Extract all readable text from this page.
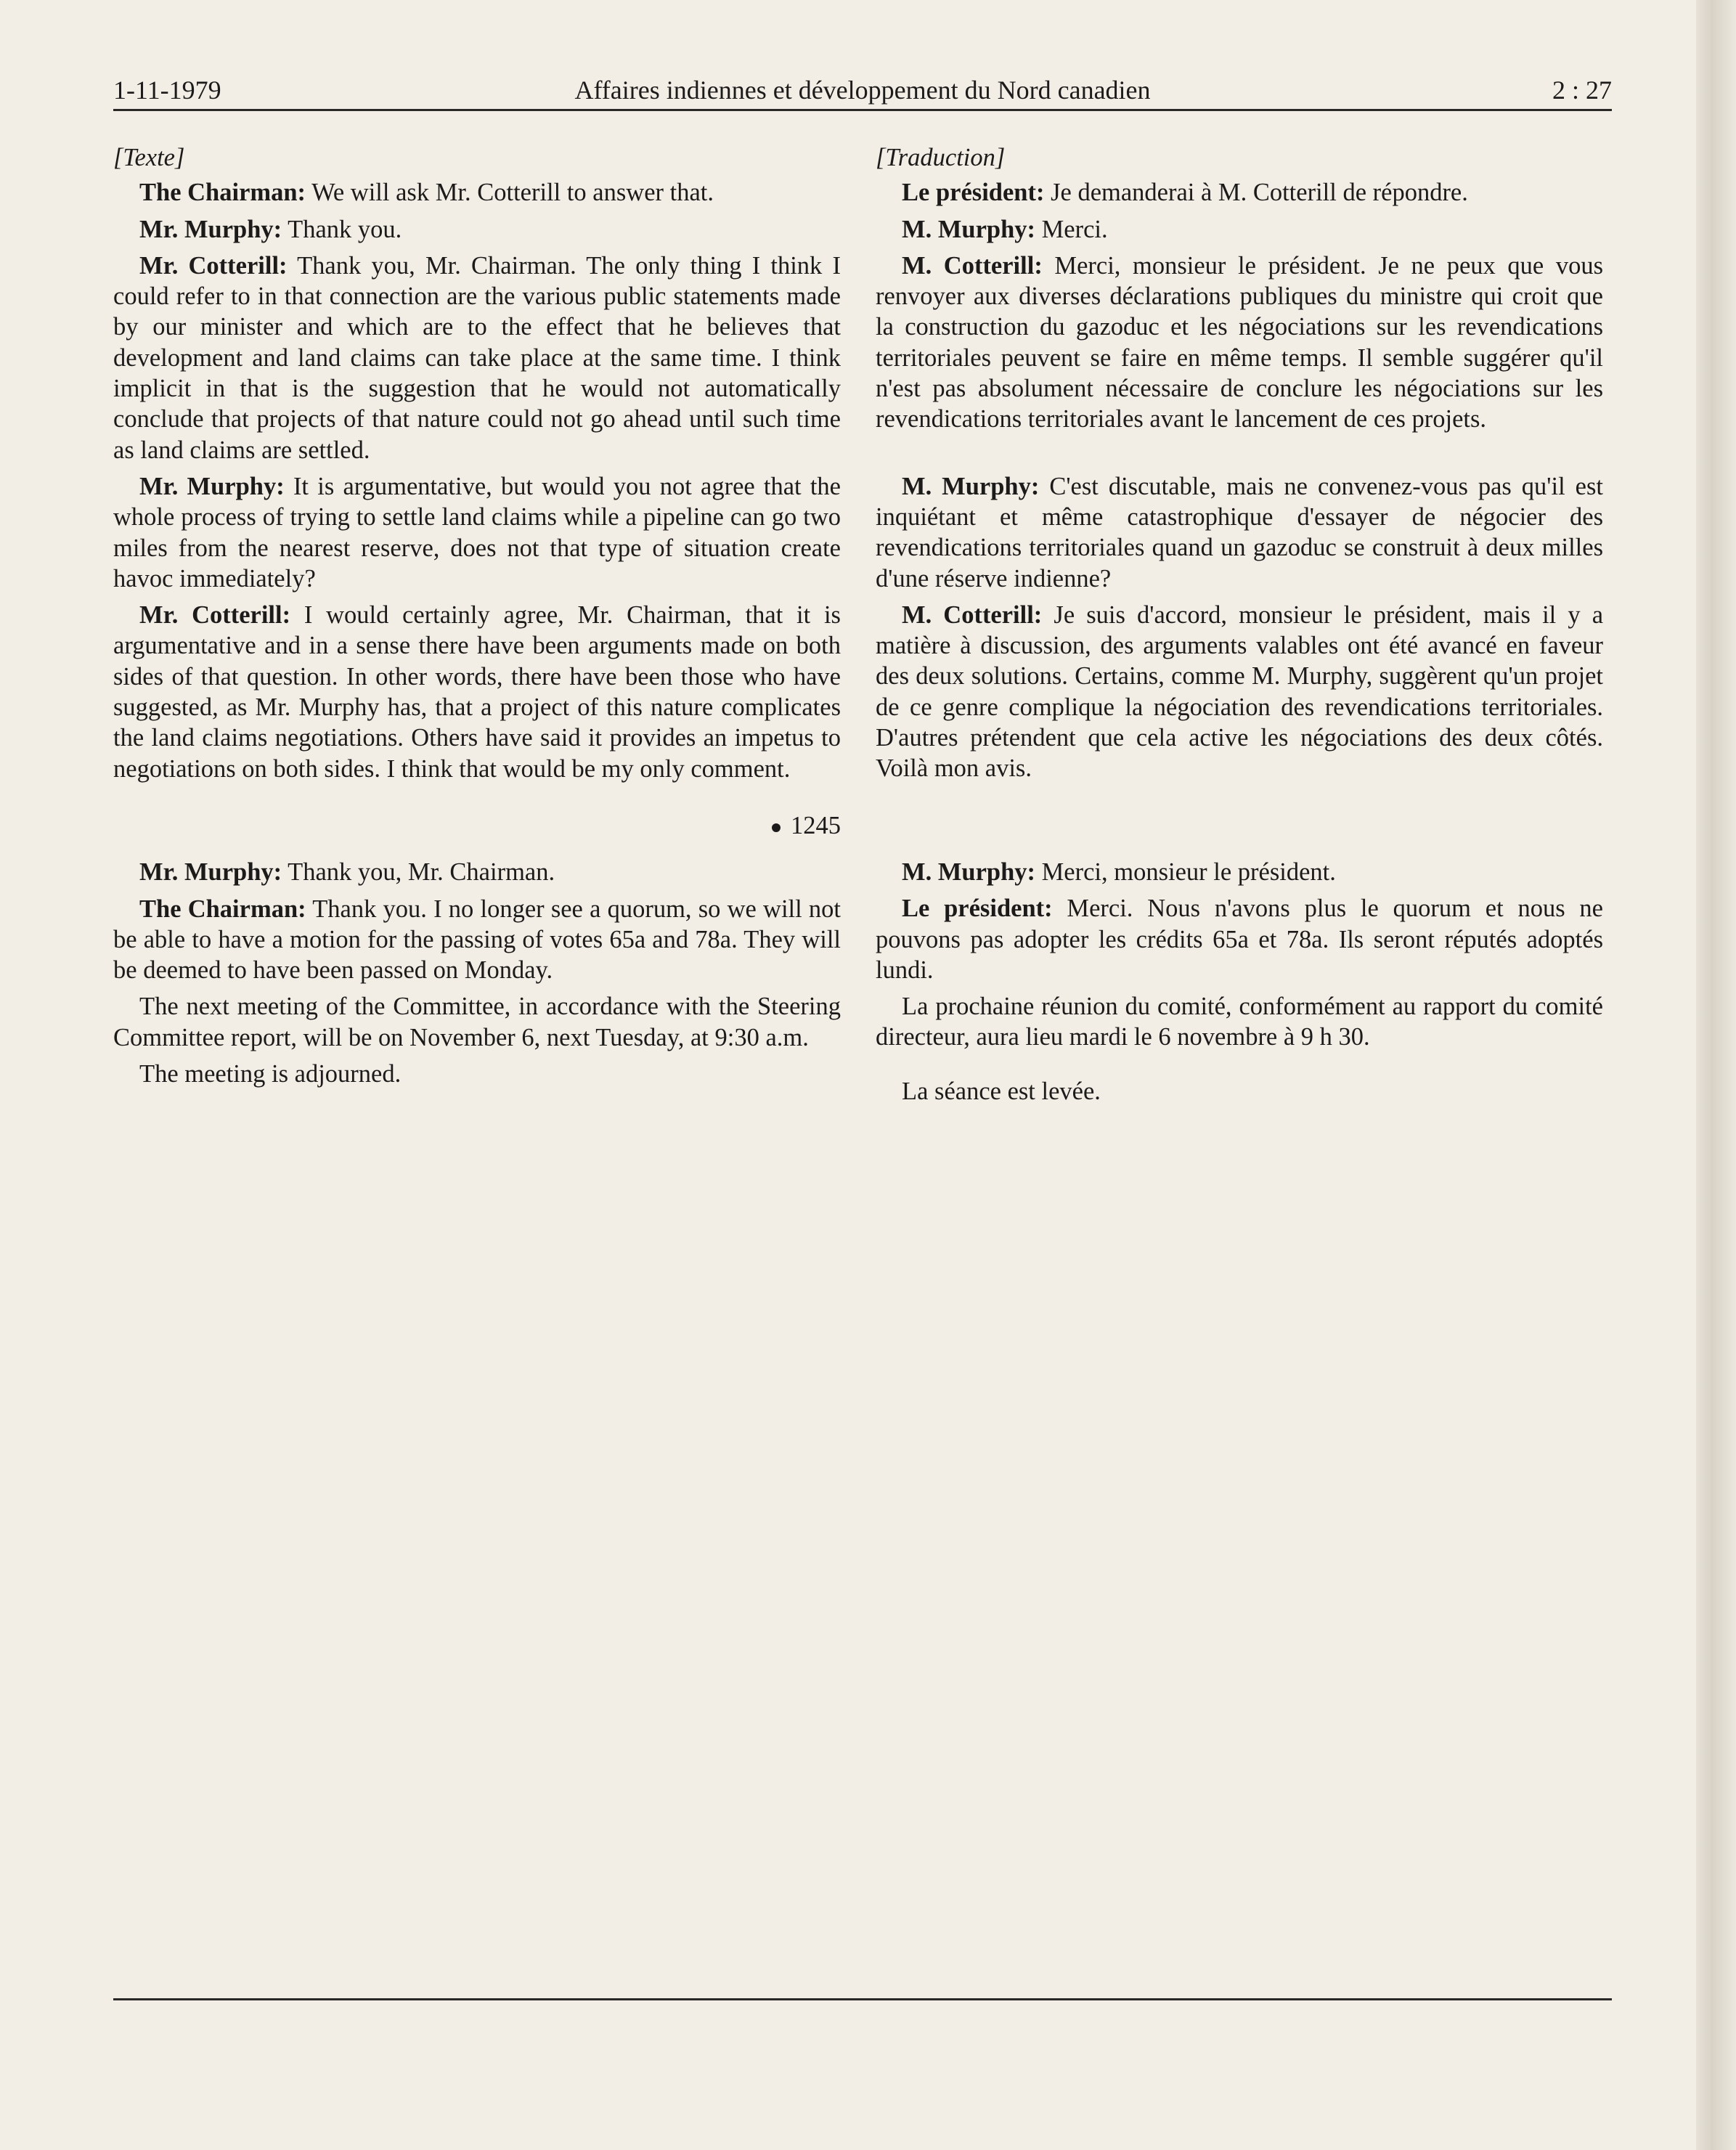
1-11-1979	Affaires indiennes et développement du Nord canadien	2 : 27

[Texte]

The Chairman: We will ask Mr. Cotterill to answer that.

Mr. Murphy: Thank you.

Mr. Cotterill: Thank you, Mr. Chairman. The only thing I think I could refer to in that connection are the various public statements made by our minister and which are to the effect that he believes that development and land claims can take place at the same time. I think implicit in that is the suggestion that he would not automatically conclude that projects of that nature could not go ahead until such time as land claims are settled.

Mr. Murphy: It is argumentative, but would you not agree that the whole process of trying to settle land claims while a pipeline can go two miles from the nearest reserve, does not that type of situation create havoc immediately?

Mr. Cotterill: I would certainly agree, Mr. Chairman, that it is argumentative and in a sense there have been arguments made on both sides of that question. In other words, there have been those who have suggested, as Mr. Murphy has, that a project of this nature complicates the land claims negotiations. Others have said it provides an impetus to negotiations on both sides. I think that would be my only comment.

1245

Mr. Murphy: Thank you, Mr. Chairman.

The Chairman: Thank you. I no longer see a quorum, so we will not be able to have a motion for the passing of votes 65a and 78a. They will be deemed to have been passed on Monday.

The next meeting of the Committee, in accordance with the Steering Committee report, will be on November 6, next Tuesday, at 9:30 a.m.

The meeting is adjourned.

[Traduction]

Le président: Je demanderai à M. Cotterill de répondre.

M. Murphy: Merci.

M. Cotterill: Merci, monsieur le président. Je ne peux que vous renvoyer aux diverses déclarations publiques du ministre qui croit que la construction du gazoduc et les négociations sur les revendications territoriales peuvent se faire en même temps. Il semble suggérer qu'il n'est pas absolument nécessaire de conclure les négociations sur les revendications territoriales avant le lancement de ces projets.

M. Murphy: C'est discutable, mais ne convenez-vous pas qu'il est inquiétant et même catastrophique d'essayer de négocier des revendications territoriales quand un gazoduc se construit à deux milles d'une réserve indienne?

M. Cotterill: Je suis d'accord, monsieur le président, mais il y a matière à discussion, des arguments valables ont été avancé en faveur des deux solutions. Certains, comme M. Murphy, suggèrent qu'un projet de ce genre complique la négociation des revendications territoriales. D'autres prétendent que cela active les négociations des deux côtés. Voilà mon avis.

M. Murphy: Merci, monsieur le président.

Le président: Merci. Nous n'avons plus le quorum et nous ne pouvons pas adopter les crédits 65a et 78a. Ils seront réputés adoptés lundi.

La prochaine réunion du comité, conformément au rapport du comité directeur, aura lieu mardi le 6 novembre à 9 h 30.

La séance est levée.
